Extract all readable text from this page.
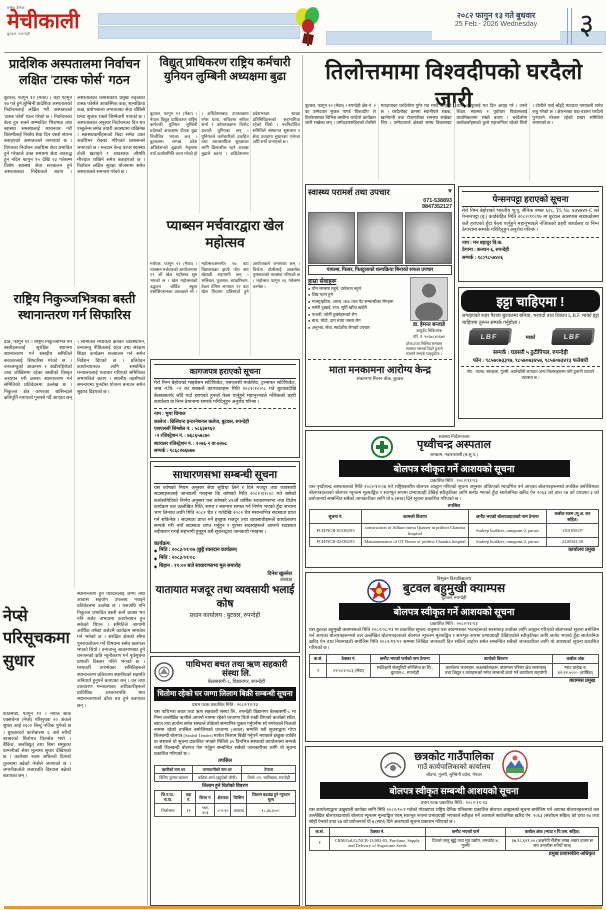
राष्ट्रिय दैनिक
मेचीकाली
बुटवल, रुपन्देही
२०८२ फागुन १३ गते बुधवार
25 Feb.- 2026 Wednesday	३
प्रादेशिक अस्पतालमा निर्वाचन लक्षित 'टास्क फोर्स' गठन
बुटवल, फागुन १२ (मेका) । यही फागुन १७ गते हुने लुम्बिनी प्रादेशिक अस्पतालको निर्वाचनलाई लक्षित गरी अस्पतालले 'टास्क फोर्स' गठन गरेको छ । निर्वाचनका बेला हुन सक्ने सम्भावित भिडभाड तथा स्वास्थ्य समस्यालाई मध्यनजर गरी बिरामीलाई निर्बाध सेवा दिन यस्तो संयन्त्र बनाइएको अस्पतालले जनाएको छ । विगतका निर्वाचन अवधिमा सेवा प्रभावित हुने गरेकाले उक्त समयमा सेवा अवरुद्ध हुन नदिन फागुन १५ देखि २३ गतेसम्म विशेष स्वास्थ्य सेवा सञ्चालन हुने अस्पतालका निर्देशकले बताए । अस्पतालका प्रशासकीय प्रमुख नेतृत्वको टास्क फोर्सले आकस्मिक कक्ष, शल्यक्रिया कक्ष, प्रयोगशाला लगायतका सेवा चौबिसै घण्टा सुचारु राख्ने जिम्मेवारी पाएको छ । अस्पतालका अनुसार निर्वाचनका दिन थप एम्बुलेन्स समेत तयारी अवस्थामा राखिनेछ । स्वास्थ्यकर्मीहरूको बिदा समेत उक्त अवधिभर रोक्का गरिएको प्रशासनले जनाएको छ । मतदान केन्द्र वरपर स्वास्थ्य टोली खटाइने र आवश्यक औषधि मौज्दात राखिने समेत बताइएको छ । निर्वाचन लक्षित सुरक्षा योजनामा समेत अस्पतालले समन्वय गरेको छ ।
राष्ट्रिय निकुञ्जभित्रका बस्ती स्थानान्तरण गर्न सिफारिस
दाङ, फागुन १२ । राष्ट्रिय निकुञ्जभित्र पर्ने बस्तीहरूलाई सुरक्षित स्थानमा स्थानान्तरण गर्न संसदीय समितिले सरकारलाई सिफारिस गरेको छ । वन्यजन्तुको आक्रमण र बाढीपहिरोको उच्च जोखिममा रहेका बस्तीको विस्तृत अध्ययन गरी क्रमशः स्थानान्तरण गर्न समितिको प्रतिवेदनमा उल्लेख छ । निकुञ्ज क्षेत्र वरपरका बासिन्दाले क्षतिपूर्ति नपाएको गुनासो गर्दै आएका छन् । समितिले मध्यवर्ती क्षेत्रको व्यवस्थापन, वन्यजन्तु पीडितलाई राहत तथा संरक्षण शिक्षा कार्यक्रम सञ्चालन गर्न समेत निर्देशन दिएको छ । प्रतिवेदन कार्यान्वयनका लागि सम्बन्धित मन्त्रालयलाई पत्राचार गरिएको समितिका सभापतिले बताए । स्थानीय तहसँगको समन्वयमा पुनर्वास योजना बनाउन समेत सुझाव दिइएको छ ।
नेप्से परिसूचकमा सुधार
काठमाडौं, फागुन १२ । नेपाल स्टक एक्सचेन्ज (नेप्से) परिसूचक २० अंकले सुधार आई २६०० बिन्दु नजिक पुगेको छ । बुधबारको कारोबारमा ६ अर्ब रुपैयाँ बराबरको धितोपत्र किनबेच भयो । बैंकिङ, जलविद्युत् तथा बिमा समूहका कम्पनीको सेयर मूल्यमा सुधार देखिएको छ । कारोबार रकम अघिल्लो दिनको तुलनामा बढेको नेप्सेले जनाएको छ । लगानीकर्ताले बजारप्रति विश्वास बढेको बताएका छन् ।
स्थानान्तरण हुने परिवारलाई जग्गा तथा आवास सहयोग उपलब्ध गराइने प्रतिवेदनमा उल्लेख छ । यसअघि पनि निकुञ्ज प्रभावित बस्ती सार्ने प्रयास भए पनि बजेट अभावमा कार्यान्वयन हुन सकेको थिएन । समितिले आगामी आर्थिक वर्षको बजेटमै कार्यक्रम समावेश गर्न भनेको छ । संरक्षित क्षेत्रको सीमा पुनरावलोकन गर्ने विषयमा समेत छलफल भएको थियो । वन्यजन्तु आक्रमणबाट हुने धनजनको क्षति न्यूनीकरण गर्न पूर्वसूचना प्रणाली विस्तार गरिने भएको छ । मध्यवर्ती उपभोक्ता समितिहरूले स्थानान्तरण प्रक्रियामा स्थानीयको सहमति अनिवार्य हुनुपर्ने बताएका छन् । वन तथा वातावरण मन्त्रालयका अधिकारीहरूले प्राविधिक अध्ययनपछि मात्र स्थानान्तरणको ढाँचा तय हुने बताएका छन् ।
विद्युत् प्राधिकरण राष्ट्रिय कर्मचारी युनियन लुम्बिनी अध्यक्षमा बुढा
बुटवल, फागुन १२ (मेका) । नेपाल विद्युत् प्राधिकरण राष्ट्रिय कर्मचारी युनियन लुम्बिनी प्रदेशको अध्यक्षमा दीपक बुढा निर्वाचित भएका छन् । बुटवलमा सम्पन्न प्रदेश अधिवेशनले बुढाको नेतृत्वमा नयाँ कार्यसमिति चयन गरेको हो । अधिवेशनबाट उपाध्यक्षमा रमेश थापा, सचिवमा सरिता शर्मा र कोषाध्यक्षमा विनोद ज्ञवाली चुनिएका छन् । युनियनले कर्मचारीको हकहित तथा व्यावसायिक सुरक्षाका लागि क्रियाशील रहने अध्यक्ष बुढाले बताए । अधिवेशनमा प्रदेशभरका शाखा प्रतिनिधिहरूको सहभागिता रहेको थियो । नवनिर्वाचित समितिले संस्थागत सुशासन र सेवा प्रवाहमा सुधारका एजेन्डा अघि सार्ने जनाएको छ ।
प्याब्सन मर्चवारद्वारा खेल महोत्सव
मर्चवार, फागुन १२ (मेका) । प्याब्सन मर्चवारको आयोजनामा १९ औं खेल महोत्सव सुरु भएको छ । खेल महोत्सवको उद्घाटन बोर्डिङ स्कुल एसोसिएसनका अध्यक्षले गरे । महोत्सवअन्तर्गत १७ वटा विद्यालयका झण्डै पाँच सय खेलाडी सहभागी छन् । भलिबल, फुटसल, ब्याडमिन्टन, टेबल टेनिस लगायत १२ वटा खेल विधामा प्रतिस्पर्धा हुने आयोजकले जनाएका छन् । विजेता टोलीलाई आकर्षक पुरस्कारको व्यवस्था गरिएको छ । महोत्सव फागुन १६ गतेसम्म चल्नेछ ।
कागजपत्र हराएको सूचना
मेरो निम्न बेहोराको माइग्रेसन सर्टिफिकेट, एसएलसी मार्कसिट, ट्रान्सफर सर्टिफिकेट, जाब नं.वि. +२ का सक्कलै कागजातहरू मिति २०८२।१०।०८ गते बुटवलदेखि बेलबासतर्फ जाँदै गर्दा हराएको हुनाले फेला पार्नुहुने महानुभावले नजिकको प्रहरी कार्यालय वा निम्न ठेगानामा सम्पर्क गरिदिनुहुन अनुरोध गरिन्छ ।
नाम : भुमा धिमाल
कालेज : ब्रिलियन्ट इन्टरनेशनल कलेज, बुटवल, रुपन्देही
एसएलसी सिम्बोल नं. : ५८६३७९६२
+२ रजिस्ट्रेशन नं. : ७६८६५७८७०
ब्याचलर रजिस्ट्रेशन नं. : २०७६-२ वा-७२७८
सम्पर्क : ९८६८२७६७७७
साधारणसभा सम्बन्धी सूचना
यस कोषको नियम अनुसार सेवा सुविधा लिने र दिने मजदुर तथा व्यवसायी सदस्यहरूलाई जानकारी गराइन्छ कि कोषको मिति २०८२।११।०८ गते बसेको कार्यसमितिको निर्णय अनुसार यस कोषको ४९औं वार्षिक साधारणसभा तथा विशेष कार्यक्रम तल उल्लेखित मिति, समय र स्थानमा सम्पन्न गर्ने निर्णय भएको हुँदा सभामा भाग लिनका लागि मिति २०८२ चैत्र १ गतेदेखि २०८२ चैत्र मसान्तभित्र सदस्यता प्राप्त गर्न सकिनेछ । सदस्यता प्राप्त गर्ने इच्छुक मजदुर तथा व्यवसायीहरूले कार्यालयमा सम्पर्क गरी नयाँ सदस्यता प्राप्त गर्नुहुन र पुराना सदस्यहरूले आफ्नो सदस्यता नवीकरण गराई सहभागी हुनुहुन यसै सूचनाद्वारा जानकारी गराइन्छ ।
कार्यक्रम:
◆ मिति : २०८३/०१/०७ (छुट्टै रक्तदान कार्यक्रम)
◆ मिति : २०८३/०१/०८
◆ बिहान : ११:०० बजे साधारणसभा मूल समारोह
दिनेश खुल्लेल
अध्यक्ष
यातायात मजदूर तथा व्यवसायी भलाई कोष
प्रधान कार्यालय : बुटवल, रुपन्देही
पाथिभरा बचत तथा ऋण सहकारी संस्था लि.
बेलबासंगी-८, विद्यानगर, रुपन्देही
धितोमा रहेको घर जग्गा लिलाम बिक्री सम्बन्धी सूचना
प्रथम पटक प्रकाशित मिति : २०८२/११/१३
यस पाथिभरा बचत तथा ऋण सहकारी संस्था लि., रुपन्देही विद्यानगर बेलबासंगी-८ मा निम्न उल्लेखित ऋणीले आफ्नो नाममा रहेको घरजग्गा धितो राखी लिएको कर्जाको साँवा, ब्याज तथा हर्जाना समेत संस्थाले तोकेको समयभित्र चुक्ता गर्नुपर्नेमा सो नगरेकाले निजको नाममा रहेको तपसिल बमोजिमको घरजग्गा (अचल) सम्पत्ति यसै सूचनाद्वारा गोप्य शिलबन्दी बोलपत्र (Sealed Tender) मार्फत लिलाम बिक्री गर्नुपर्ने भएकाले इच्छुक व्यक्ति वा संस्थाले यो सूचना प्रकाशित भएको मितिले ३५ दिनभित्र संस्थाको कार्यालयमा सम्पर्क राखी शिलबन्दी बोलपत्र पेस गर्नुहुन सम्बन्धित सबैको जानकारीका लागि यो सूचना प्रकाशित गरिएको छ ।
तपसिल
ऋणीको नाम थर	जग्गाधनीको नाम थर	ठेगाना
दिलिप कुमार खनाल	कविता शर्मा (बहुऐक्षो धौनी)	तिलो.-११, भालिबास, रुपन्देही
लिलाम हुने धितोको विवरण
जि.न.पा./गा.पा.	वडा नं.	कित्ता नं.	क्षेत्रफल	किसिम	लिलाम बढाबढ हुने न्यूनतम मूल्य
तिलोत्तमा	११	९७१, ४५३	०-९-१५	अखण्ड	१८,३७,६००/-
तिलोत्तमामा विश्वदीपको घरदैलो जारी
बुटवल, फागुन १२ (मेका) । रुपन्देही क्षेत्र नं. २ का उम्मेदवार सुजल पाण्डे 'विश्वदीप' ले तिलोत्तमाका विभिन्न बस्तीमा घरदैलो कार्यक्रम जारी राखेका छन् । उम्मेदवारसहितको टोलीले मतदाताका घरदैलोमा पुगेर मत माग्दै आएको छ । घरदैलोका क्रममा स्थानीयले सडक, खानेपानी तथा रोजगारीका समस्या राखेका थिए । उम्मेदवारले क्षेत्रको समग्र विकासका लागि आफूलाई मत दिन आग्रह गरे । उनले शिक्षा, स्वास्थ्य र पूर्वाधार विकासलाई प्राथमिकतामा राख्ने बताए । घरदैलोमा कार्यकर्ताहरूको ठूलो सहभागिता रहेको थियो । टोलीले पर्चा बाँड्दै मतदाता नामावली समेत रुजु गरेको छ । क्षेत्रभरका वडा-वडामा घरदैलो पुर्‍याउने योजना रहेको प्रचार समितिले जनाएको छ ।
स्वास्थ्य परामर्श तथा उपचार	♥
071-538893
9847352127
पायल्स, फिसर, फिस्टुलाको शल्यक्रिया बिनाको सफल उपचार
हाम्रा सेवाहरू
● यौन समस्या नहुने, उत्तेजना नहुने
● शिघ्र पतन हुने
● ग्यास्ट्राइटिस, अपच, IBS तथा पेट सम्बन्धीका रोगहरू
● नसेरी दुखाई, राज, सुर्ति खाँदा खडेरी
● पत्थरी, जोर्नी दुख्नेहरूको रोग
● बाथ, मोटो, दाग चाया जस्ता रोग
● अनुभव, सेवा, स्वदेशीय रोगको उपचार	डा. हेमन्त बन्जाडे
आयुर्वेद चिकित्सक
परि. नं. ९०६७८४५६७९
हरेक हप्ता निश्चित समयमा स्वास्थ्य परामर्श दिइने हुनाले समयमै सम्पर्क राख्नुहोला ।
माता मनकामना आरोग्य केन्द्र
शंकरनगर मिलन चोक, बुटवल
पेन्सनपट्टा हराएको सूचना
मेरो निम्न बेहोराको भारतीय भू.पू. सैनिक नम्बर ६२८, TS No. ४३४७४९-C को पेन्सनपट्टा (इ.) कार्डसहित मिति २०८२।१०।१७ मा बुटवल आसपास सडकक्षेत्रमा कतै हराएको हुँदा फेला पार्नुहुने महानुभावले नजिकको प्रहरी कार्यालय वा निम्न ठेगानामा सम्पर्क गरिदिनुहुन अनुरोध गरिन्छ ।
नाम : मन बहादुर वि.क.
ठेगाना : कञ्चन-६, रुपन्देही
सम्पर्क : ९८०९८५४४०६
इट्टा चाहिएमा !
लगाइएको शहर पैरावा बुटवलमा बनिया, भरपर्दो तथा टिकाउ L.B.F. मार्का इट्टा चाहिएमा तुरुन्त सम्पर्क गर्नुहोला ।
LBF	मार्का	LBF
सम्पर्क : घडसरी ५ ठुटीपिपल, रुपन्देही
फोन : ९८५७०७३३९७, ९८५७०७३४५७, ९८५७०७३४१३ फत्तेबारी
नोट : पाल्पा, स्याङ्जा, गुल्मी, अर्घाखाँची लगायत अन्य जिल्लाहरूमा पनि ढुवानी पठाउने व्यवस्था छ ।
स्वास्थ्य निर्देशनालय
पृथ्वीचन्द्र अस्पताल
रामग्राम, नवलपरासी (ब.सु.प.)
बोलपत्र स्वीकृत गर्ने आशयको सूचना
प्रकाशित मिति : २०८२/११/१३
यस पृथ्वीचन्द्र अस्पतालको मिति २०८२/१०/०७ गते राष्ट्रियस्तरीय बोलपत्र आह्वान गरिएको सूचना अनुसार तोकिएको म्यादभित्र पर्न आएका बोलपत्रहरूमध्ये तपसिल बमोजिमका बोलपत्रदाताको बोलपत्र न्यूनतम मूल्याङ्कित र सारभूत रूपमा प्रभावग्राही देखिई स्वीकृतिका लागि छनोट भएको हुँदा सार्वजनिक खरिद ऐन २०६३ को दफा २७ को उपदफा ३ को प्रयोजनार्थ सम्बन्धित सबैको जानकारीका लागि यो ७ (सात) दिने सूचना प्रकाशित गरिएको छ ।
तपसिल
सूचना नं.	कामको विवरण	छनौट भएको बोलपत्रदाताको नाम ठेगाना	कबोल रकम (मू.अ. कर सहित)
PCH/NCB-01/082/83	construction of Adhuro mesu Quarter in prithivi Chandra hospital	Sudeep builders, ramgram-2, parasi	1501858.07
PCH/NCB-02/082/83	Maintainenance of OT Room of prithivi Chandra hospital	Sudeep builders, ramgram-2, parasi	2249343.30
कार्यालय प्रमुख
त्रिभुवन विश्वविद्यालय
बुटवल बहुमुखी क्याम्पस
बुटवल, रुपन्देही
बोलपत्र स्वीकृत गर्ने आशयको सूचना
प्रकाशित मिति : २०८२/११/१३
यस बुटवल बहुमुखी क्याम्पसको मिति २०८२/०८/११ मा प्रकाशित सूचना अनुसार यस क्याम्पसका भवनहरूको सरसफाइ कार्यका लागि आह्वान गरिएको बोलपत्रको सूचना बमोजिम पर्न आएका बोलपत्रहरूमध्ये तल उल्लेखित बोलपत्रदाताको बोलपत्र न्यूनतम मूल्याङ्कित र सारभूत रूपमा प्रभावग्राही देखिएकोले स्वीकृतिका लागि छनोट भएको हुँदा सार्वजनिक खरिद ऐन तथा नियमावली बमोजिम मिति २०८२/११/१२ सम्ममा लिखित जानकारी दिन सकिने व्यहोरा समेत सम्बन्धित सबैको जानकारीका लागि यो आशयको सूचना प्रकाशित गरिएको छ ।
क.सं.	ठेक्का नं.	छनौट भएको फर्मको नाम ठेगाना	कार्यको विवरण	कबोल अंक
१	०१/०८२/०८३ (सेवा)	स्वाँठेहारी सेक्युरिटी सर्भिसेज प्रा.लि., बुटवल-८, रुपन्देही	कार्यालय भवनहरू, कक्षाकोठाहरू, क्याम्पस परिसर क्षेत्र सरसफाइ तथा विद्युत र धाराहरूको मर्मत सम्बन्धी कार्य गर्ने कार्यालय सहयोगी	भ्याट बाहेक रु. ४२,२२,५००/- (वार्षिक)
क्याम्पस प्रमुख
छत्रकोट गाउँपालिका
गाउँ कार्यपालिकाको कार्यालय
बोदगा, गुल्मी, लुम्बिनी प्रदेश, नेपाल
बोलपत्र स्वीकृत सम्बन्धी आशयको सूचना
प्रथम पटक प्रकाशित मिति : २०८२-११-१३
यस कार्यालयद्वारा उखुबाली कार्यका लागि मिति २०८२/१०/१ गतेको गोरखापत्र राष्ट्रिय दैनिक पत्रिकामा प्रकाशित बोलपत्र आह्वानको सूचना बमोजिम पर्न आएका बोलपत्रहरूमध्ये तल उल्लेखित बोलपत्रदाताको बोलपत्र न्यूनतम मूल्याङ्कित एवम् सारभूत रूपमा प्रभावग्राही भएकाले स्वीकृत गर्ने आशयले सार्वजनिक खरिद ऐन, २०६३ (संशोधन सहित) को दफा २७ तथा सोही ऐनको दफा ४७ को प्रयोजनार्थ यो ७ (सात) दिने आशयको सूचना प्रकाशन गरिएको छ ।
क.सं.	ठेक्का नं.	छनौट भएको फर्म	कबोल अंक (भ्याट र पि.एस. सहित)
१	CRM/GaUG/NCB-13/082-83, Purchase, Supply and Delivery of Sugarcane Seeds	दिलशे जानु खुट्टे तथा मुठ उद्योग, धनकोट-४, गुल्मी	३७,१८,६२९.०० (अक्षरेपी सैंतीस लाख अठार हजार छ सय उनन्तीस रुपैयाँ मात्र)
प्रमुख प्रशासकीय अधिकृत
